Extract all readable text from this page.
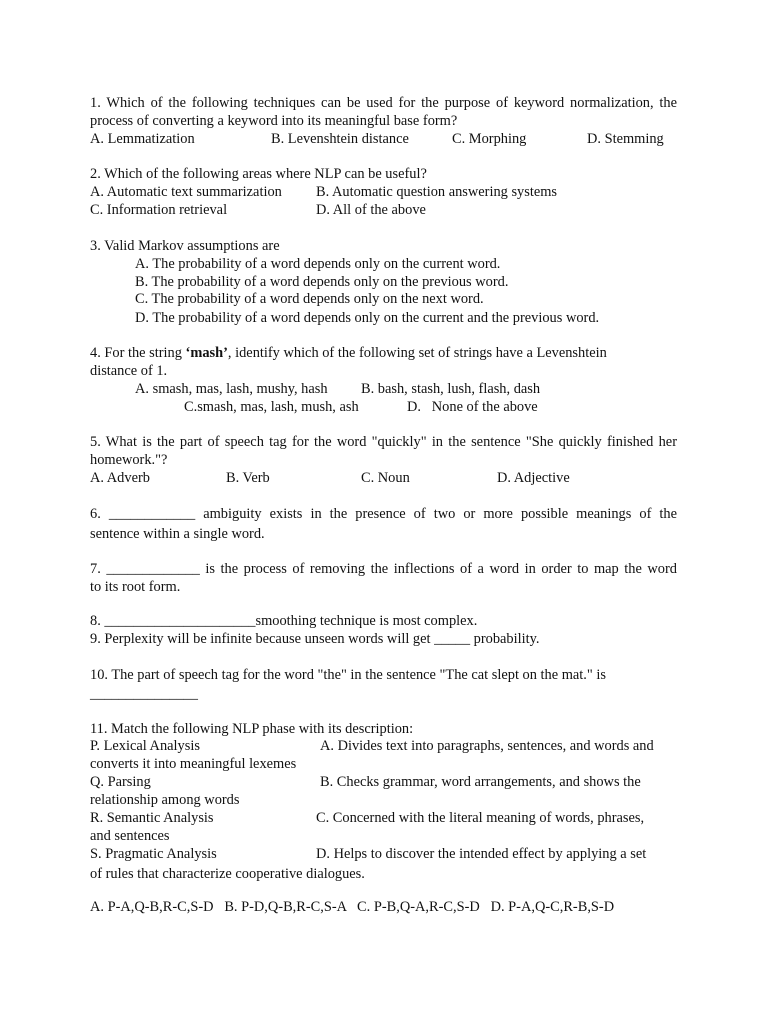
1. Which of the following techniques can be used for the purpose of keyword normalization, the
process of converting a keyword into its meaningful base form?
A. Lemmatization	B. Levenshtein distance	C. Morphing	D. Stemming
2. Which of the following areas where NLP can be useful?
A. Automatic text summarization B. Automatic question answering systems
C. Information retrieval	D. All of the above
3. Valid Markov assumptions are
A. The probability of a word depends only on the current word.
B. The probability of a word depends only on the previous word.
C. The probability of a word depends only on the next word.
D. The probability of a word depends only on the current and the previous word.
4. For the string ‘mash’, identify which of the following set of strings have a Levenshtein
distance of 1.
A. smash, mas, lash, mushy, hash B. bash, stash, lush, flash, dash
C.smash, mas, lash, mush, ash	D.   None of the above
5. What is the part of speech tag for the word "quickly" in the sentence "She quickly finished her
homework."?
A. Adverb	B. Verb	C. Noun	D. Adjective
6. ____________ ambiguity exists in the presence of two or more possible meanings of the
sentence within a single word.
7. _____________ is the process of removing the inflections of a word in order to map the word
to its root form.
8. _____________________smoothing technique is most complex.
9. Perplexity will be infinite because unseen words will get _____ probability.
10. The part of speech tag for the word "the" in the sentence "The cat slept on the mat." is
_______________
11. Match the following NLP phase with its description:
P. Lexical Analysis	A. Divides text into paragraphs, sentences, and words and
converts it into meaningful lexemes
Q. Parsing	B. Checks grammar, word arrangements, and shows the
relationship among words
R. Semantic Analysis	C. Concerned with the literal meaning of words, phrases,
and sentences
S. Pragmatic Analysis	D. Helps to discover the intended effect by applying a set
of rules that characterize cooperative dialogues.
A. P-A,Q-B,R-C,S-D   B. P-D,Q-B,R-C,S-A   C. P-B,Q-A,R-C,S-D   D. P-A,Q-C,R-B,S-D
